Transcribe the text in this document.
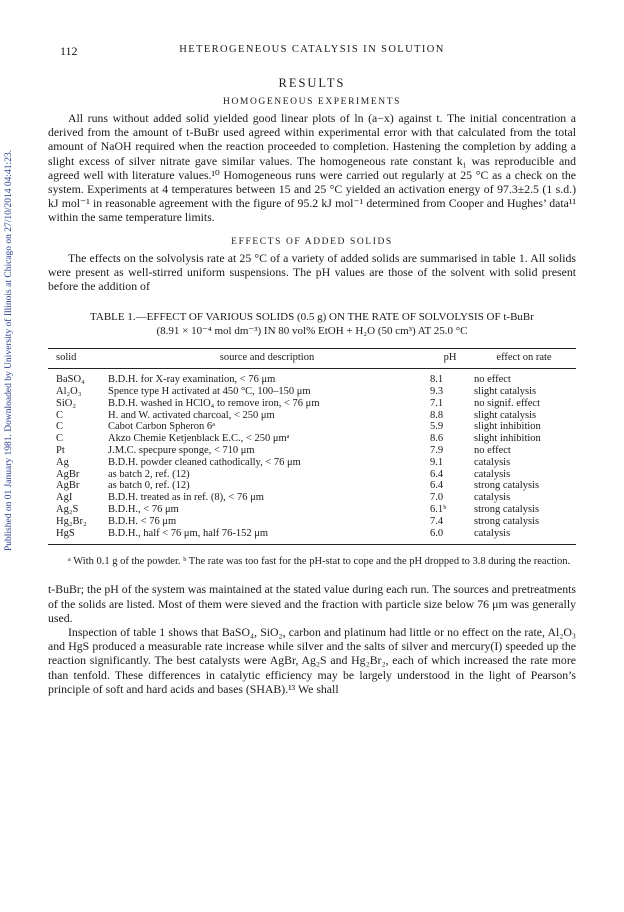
Published on 01 January 1981. Downloaded by University of Illinois at Chicago on 27/10/2014 04:41:23.
112	HETEROGENEOUS CATALYSIS IN SOLUTION
RESULTS
HOMOGENEOUS EXPERIMENTS

All runs without added solid yielded good linear plots of ln (a−x) against t. The initial concentration a derived from the amount of t-BuBr used agreed within experimental error with that calculated from the total amount of NaOH required when the reaction proceeded to completion. Hastening the completion by adding a slight excess of silver nitrate gave similar values. The homogeneous rate constant k₁ was reproducible and agreed well with literature values.¹⁰ Homogeneous runs were carried out regularly at 25 °C as a check on the system. Experiments at 4 temperatures between 15 and 25 °C yielded an activation energy of 97.3±2.5 (1 s.d.) kJ mol⁻¹ in reasonable agreement with the figure of 95.2 kJ mol⁻¹ determined from Cooper and Hughes’ data¹¹ within the same temperature limits.

EFFECTS OF ADDED SOLIDS

The effects on the solvolysis rate at 25 °C of a variety of added solids are summarised in table 1. All solids were present as well-stirred uniform suspensions. The pH values are those of the solvent with solid present before the addition of

TABLE 1.—EFFECT OF VARIOUS SOLIDS (0.5 g) ON THE RATE OF SOLVOLYSIS OF t-BuBr
(8.91 × 10⁻⁴ mol dm⁻³) IN 80 vol% EtOH + H₂O (50 cm³) AT 25.0 °C
solid	source and description	pH	effect on rate
BaSO₄	B.D.H. for X-ray examination, < 76 μm	8.1	no effect
Al₂O₃	Spence type H activated at 450 °C, 100–150 μm	9.3	slight catalysis
SiO₂	B.D.H. washed in HClO₄ to remove iron, < 76 μm	7.1	no signif. effect
C	H. and W. activated charcoal, < 250 μm	8.8	slight catalysis
C	Cabot Carbon Spheron 6ᵃ	5.9	slight inhibition
C	Akzo Chemie Ketjenblack E.C., < 250 μmᵃ	8.6	slight inhibition
Pt	J.M.C. specpure sponge, < 710 μm	7.9	no effect
Ag	B.D.H. powder cleaned cathodically, < 76 μm	9.1	catalysis
AgBr	as batch 2, ref. (12)	6.4	catalysis
AgBr	as batch 0, ref. (12)	6.4	strong catalysis
AgI	B.D.H. treated as in ref. (8), < 76 μm	7.0	catalysis
Ag₂S	B.D.H., < 76 μm	6.1ᵇ	strong catalysis
Hg₂Br₂	B.D.H. < 76 μm	7.4	strong catalysis
HgS	B.D.H., half < 76 μm, half 76-152 μm	6.0	catalysis

ᵃ With 0.1 g of the powder. ᵇ The rate was too fast for the pH-stat to cope and the pH dropped to 3.8 during the reaction.

t-BuBr; the pH of the system was maintained at the stated value during each run. The sources and pretreatments of the solids are listed. Most of them were sieved and the fraction with particle size below 76 μm was generally used.

Inspection of table 1 shows that BaSO₄, SiO₂, carbon and platinum had little or no effect on the rate, Al₂O₃ and HgS produced a measurable rate increase while silver and the salts of silver and mercury(I) speeded up the reaction significantly. The best catalysts were AgBr, Ag₂S and Hg₂Br₂, each of which increased the rate more than tenfold. These differences in catalytic efficiency may be largely understood in the light of Pearson’s principle of soft and hard acids and bases (SHAB).¹³ We shall
